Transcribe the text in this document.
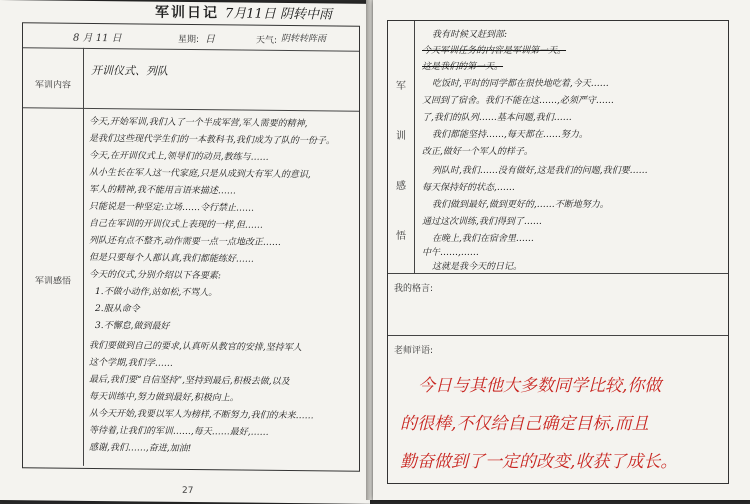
军训日记 7月11日 阴转中雨
8 月 11 日	星期: 日	天气: 阴转转阵雨
军训内容
开训仪式、列队
军训感悟
今天,开始军训,我们入了一个半成军营,军人需要的精神,
是我们这些现代学生们的一本教科书,我们成为了队的一份子。
今天,在开训仪式上,领导们的动员,教练与……
从小生长在军人这一代家庭,只是从成到大有军人的意识,
军人的精神,我不能用言语来描述……
只能说是一种坚定:立场……令行禁止……
自己在军训的开训仪式上表现的一样,但……
列队还有点不整齐,动作需要一点一点地改正……
但是只要每个人都认真,我们都能练好……
今天的仪式,分别介绍以下各要素:
1.不做小动作,站如松,不骂人。
2.服从命令
3.不懈怠,做到最好
我们要做到自己的要求,认真听从教官的安排,坚持军人
这个学期,我们学……
最后,我们要“自信坚持”,坚持到最后,积极去做,以及
每天训练中,努力做到最好,积极向上。
从今天开始,我要以军人为榜样,不断努力,我们的未来……
等待着,让我们的军训……,每天……最好,……
感谢,我们……,奋进,加油!
27
军
训
感
悟
我有时候又赶到部:
今天军训任务的内容是军训第一天。
这是我们的第一天。
吃饭时,平时的同学都在很快地吃着,今天……
又回到了宿舍。我们不能在这……,必须严守……
了,我们的队列……基本问题,我们……
我们都能坚持……,每天都在……努力。
改正,做好一个军人的样子。
列队时,我们……没有做好,这是我们的问题,我们要……
每天保持好的状态,……
我们做到最好,做到更好的,……不断地努力。
通过这次训练,我们得到了……
在晚上,我们在宿舍里……
中午……,……
这就是我今天的日记。
我的格言:
老师评语:
今日与其他大多数同学比较,你做
的很棒,不仅给自己确定目标,而且
勤奋做到了一定的改变,收获了成长。
